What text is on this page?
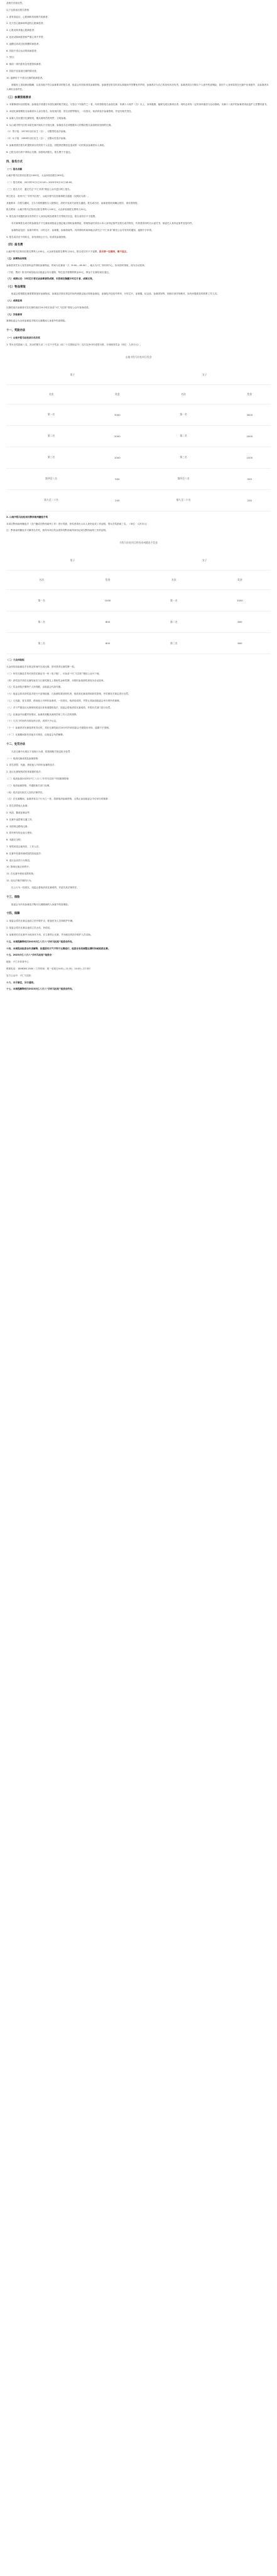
及相关后续处罚。
以下也将延迟报名资格：
1. 患有高血压、心脏病和其他相关疾病者；
2. 先天性心脏病和风湿性心脏病患者；
3. 心肌炎和其他心脏病患者；
4. 冠状动脉病患者和严重心律不齐者；
5. 血糖过高或过低的糖尿病患者；
6. 其他不适合运动的疾病患者；
7. 孕妇；
8. 赛前一周内患有急性感冒疾病者；
9. 其他不宜参加比赛的情况者。
10. 能够用于不适合比赛的疾病患者。
被疑有上述疾病而隐瞒，以及其他不符合参赛要求的报名者，组委会有权取消其参赛资格。参赛者在报名时须认真阅读并签署免责声明，参赛者应为自己的身体状况负责。参赛者须自行购买个人意外伤害保险，如因个人身体原因在比赛中出现意外，由参赛者本人承担全部责任。
（三）参赛资格要求
1. 本赛事面向全国招募，参赛选手须遵守本届比赛的相关规定。凡符合下列条件之一者，均有资格报名参加比赛：年满十六周岁（含）以上，身体健康，能够完成比赛项目者；同时必须有一定的身体素质与运动基础。未满十八周岁的参赛者须由监护人签署同意书。
2. 本届比赛需要报名参赛者本人亲自报名，如发现代报、冒名顶替等情况，一经查实，取消该选手参赛资格，并追究相关责任。
3. 参赛人员应遵守比赛规则，服从裁判员的判罚，文明参赛。
4. 从山地半程马拉松本届比赛开始实行分组比赛，参赛选手必须根据本人的情况报名参加相应组别的比赛。
（1）男子组：1973年以后出生（含），仅限男性选手参赛。
（2）女子组：1983年以后出生（含），仅限女性选手参赛。
5. 参赛者需在报名时提供真实有效的个人信息，因提供虚假信息造成的一切后果由参赛者本人承担。
6. 已报名成功者不得转让名额，如需取消报名，报名费不予退还。
四、报名方式
（一）报名名额
山地半程马拉松项目报名1000名，大众体验组报名300名。
（二）报名时间：2023年9月1日12:00—2023年9月12日18:00。
（三）报名方式：通过关注“兴仁体育”微信公众号进行网上报名。
网上报名：贵州兴仁“乡村马拉松”、山地半程马拉松赛事报名通道（以网站为准）。
其他要求：在报名期间，主办方将根据报名人数情况，适时开放或关闭报名通道。报名成功后，参赛者将收到确认短信，请妥善保管。
报名费用：山地半程马拉松项目报名费每人100元，大众体验组报名费每人50元。
5. 报名选手须提供真实有效的个人身份证明及联系方式等相关信息，报名成功后不予退费。
本次赛事报名成功的参赛选手于比赛前到组委会指定地点领取参赛物品，领取物品时须出示本人身份证原件及报名成功短信，代领者须同时出示委托书、被委托人身份证原件及复印件。
参赛物品包括：参赛号码布、计时芯片、参赛服、参赛指南等。具体领取时间和地点请关注“兴仁体育”微信公众号发布的通知，逾期不予补领。
5. 报名成功后不得转让，如发现转让行为，取消其参赛资格。
（四）报名费
山地半程马拉松项目报名费每人100元，大众体验组报名费每人50元，报名成功后不予退费。报名费一经缴纳，概不退还。
（五）参赛物品领取
参赛者须凭本人有效身份证件领取参赛物品，时间为比赛前一天（9:00—18:00），地点为兴仁市体育中心，如未按时领取，视为自动放弃。
（宁波、黑河）报名时间及地点由组委会另行通知，每位选手需缴纳押金20元，押金于比赛结束后退还。
（六）成绩认定：计时芯片将记录参赛者的成绩，未按规定佩戴计时芯片者，成绩无效。
（七）物品领取
组委会将根据比赛需要准备好参赛物品，参赛选手需在规定时间内到指定地点领取参赛包，参赛包内包括号码布、计时芯片、参赛服、纪念品、参赛须知等，领取后请仔细核对，如有问题请及时联系工作人员。
（八）成绩查询
比赛结束后参赛者可在比赛结束后24小时后登录“兴仁马拉松”微信公众号查询成绩。
（九）其他事项
赛事组委会为全体参赛选手购买比赛期间人身意外伤害保险。
十一、奖励办法
（一）山地半程马拉松项目名次奖
1. 男女各奖励前八名，其余的第九至二十名不予奖金（前二十名领取证书）名次以净计时成绩为准，分别颁发奖金（单位：人民币元）。
山地半程马拉松项目奖金
男子		女子	
名次	奖金	名次	奖金
第一名	3000	第一名	3000
第二名	2000	第二名	2000
第三名	1000	第三名	1000
第四至八名	500	第四至八名	500
第九至二十名	200	第九至二十名	200
2. 山地半程马拉松项目黔西南州籍选手奖
本项目黔西南州籍选手（含户籍或在黔西南州工作）进行奖励，获奖者须出示本人身份证或工作证明，男女各奖励前三名。（单位：人民币元）
注：黔西南州籍选手可兼得名次奖，获得本项目奖金须持有黔西南州身份证或在黔西南州工作的证明。
半程马拉松项目黔西南州籍选手奖金
男子		女子	
名次	奖金	名次	奖金
第一名	1000	第一名	1000
第二名	800	第二名	800
第三名	600	第三名	600
（二）大众体验组
大众体验组参赛选手在规定时间内完成比赛，即可获得完赛奖牌一枚。
（三）所有完赛选手均可获得完赛证书一份（电子版），可登录“兴仁马拉松”微信公众号下载。
（四）获奖选手须在比赛结束后当日颁奖典礼上领取奖金和奖牌，未按时参加颁奖者视为自动放弃。
（五）奖金须依法缴纳个人所得税，由组委会代扣代缴。
（六）组委会将对获奖选手进行兴奋剂检测，凡检测结果呈阳性者，取消其比赛成绩和获奖资格，并依照有关规定进行处罚。
（七）凡代跑、冒名顶替、借用他人号码布参赛者，一经查实，取消其成绩，并禁止其参加组委会举办的所有赛事。
（八）对于严重违反比赛规则或违反体育道德的选手，组委会将取消其比赛成绩，并报有关部门进行处罚。
（九）比赛途中如遇突发情况，参赛者须服从裁判员和工作人员的指挥。
（十）凡关门时间内未到达终点者，成绩不予认定。
（十一）参赛者对比赛成绩有异议时，须在比赛结束后24小时内向组委会书面提出申诉，逾期不予受理。
（十二）比赛期间如有其他未尽事宜，由组委会负责解释。
十二、处罚办法
凡在比赛中出现以下违规行为者，将按照相关规定给予处罚：
（一）取消比赛成绩及参赛资格：
1. 冒名顶替、代跑、借用他人号码布参赛的选手；
2. 违反比赛规则或体育道德的选手；
（二）取消参加2023年兴仁八月八“乡村马拉松”中国赛事资格：
（三）取消参赛资格，并通报相关部门处理。
（四）依法追究相关人员的法律责任。
（五）在比赛期间，参赛者有以下行为之一者，将被取消参赛资格，且禁止参加组委会今后举办的赛事：
1. 冒名顶替他人参赛；
2. 伪造、篡改参赛证件；
3. 比赛中途搭乘交通工具；
4. 未按规定路线比赛；
5. 将号码布转让他人使用；
6. 未跑完全程；
7. 辱骂或攻击裁判员、工作人员；
8. 比赛中故意冲撞或阻挡其他选手；
9. 违反运动员行为规范；
10. 影响比赛正常秩序；
11. 在比赛中使用违禁药物；
12. 违反法律法规的行为。
以上行为一经查实，组委会将取消其比赛成绩，并追究其法律责任。
十三、保险
组委会为所有参赛选手购买比赛期间的人身意外伤害保险。
十四、保障
1. 组委会将在比赛沿途设立医疗救护点，配备医务人员和救护车辆。
2. 组委会将在比赛沿途设立饮水站、补给站。
3. 参赛者若在比赛中出现身体不适，应立即停止比赛，并向就近的医疗救护人员求助。
十五、本规程解释权归2023兴仁八月八“乡村马拉松”组委会所有。
十四、本规程由组委会负责解释，如遇恶劣天气不利于比赛进行，组委会有权调整比赛时间或取消比赛。
十五、2023兴仁八月八“乡村马拉松”组委会
地址：兴仁市体育中心
联系电话：18983611560（工作时间：周一至周五9:00—11:30，14:00—17:30）
官方公众号：兴仁马拉松
十六、未尽事宜，另行通知。
十七、本规程解释权归2023兴仁八月八“乡村马拉松”组委会所有。
